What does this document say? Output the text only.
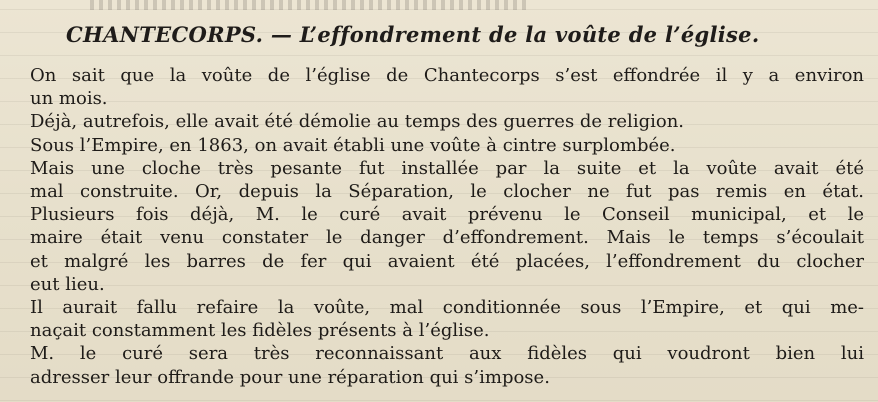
CHANTECORPS. — L’effondrement de la voûte de l’église.
On sait que la voûte de l’église de Chantecorps s’est effondrée il y a environ
un mois.
Déjà, autrefois, elle avait été démolie au temps des guerres de religion.
Sous l’Empire, en 1863, on avait établi une voûte à cintre surplombée.
Mais une cloche très pesante fut installée par la suite et la voûte avait été
mal construite. Or, depuis la Séparation, le clocher ne fut pas remis en état.
Plusieurs fois déjà, M. le curé avait prévenu le Conseil municipal, et le
maire était venu constater le danger d’effondrement. Mais le temps s’écoulait
et malgré les barres de fer qui avaient été placées, l’effondrement du clocher
eut lieu.
Il aurait fallu refaire la voûte, mal conditionnée sous l’Empire, et qui me-
naçait constamment les fidèles présents à l’église.
M. le curé sera très reconnaissant aux fidèles qui voudront bien lui
adresser leur offrande pour une réparation qui s’impose.
